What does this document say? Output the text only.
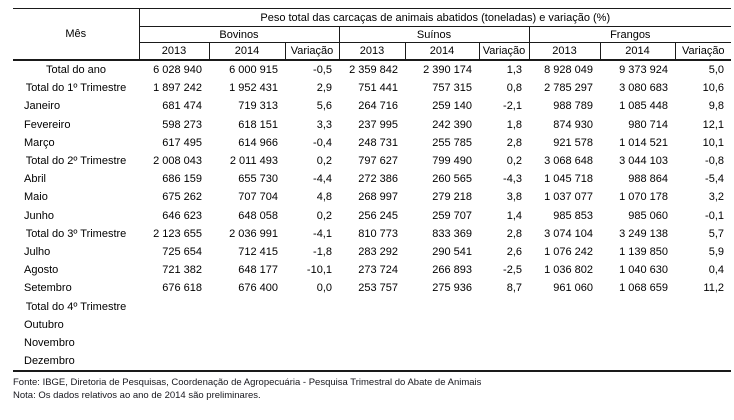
Mês	Peso total das carcaças de animais abatidos (toneladas) e variação (%)								
	Bovinos			Suínos			Frangos		
	2013	2014	Variação	2013	2014	Variação	2013	2014	Variação
Total do ano	6 028 940	6 000 915	-0,5	2 359 842	2 390 174	1,3	8 928 049	9 373 924	5,0
Total do 1º Trimestre	1 897 242	1 952 431	2,9	751 441	757 315	0,8	2 785 297	3 080 683	10,6
Janeiro	681 474	719 313	5,6	264 716	259 140	-2,1	988 789	1 085 448	9,8
Fevereiro	598 273	618 151	3,3	237 995	242 390	1,8	874 930	980 714	12,1
Março	617 495	614 966	-0,4	248 731	255 785	2,8	921 578	1 014 521	10,1
Total do 2º Trimestre	2 008 043	2 011 493	0,2	797 627	799 490	0,2	3 068 648	3 044 103	-0,8
Abril	686 159	655 730	-4,4	272 386	260 565	-4,3	1 045 718	988 864	-5,4
Maio	675 262	707 704	4,8	268 997	279 218	3,8	1 037 077	1 070 178	3,2
Junho	646 623	648 058	0,2	256 245	259 707	1,4	985 853	985 060	-0,1
Total do 3º Trimestre	2 123 655	2 036 991	-4,1	810 773	833 369	2,8	3 074 104	3 249 138	5,7
Julho	725 654	712 415	-1,8	283 292	290 541	2,6	1 076 242	1 139 850	5,9
Agosto	721 382	648 177	-10,1	273 724	266 893	-2,5	1 036 802	1 040 630	0,4
Setembro	676 618	676 400	0,0	253 757	275 936	8,7	961 060	1 068 659	11,2
Total do 4º Trimestre									
Outubro									
Novembro									
Dezembro									
Fonte: IBGE, Diretoria de Pesquisas, Coordenação de Agropecuária - Pesquisa Trimestral do Abate de Animais
Nota: Os dados relativos ao ano de 2014 são preliminares.
